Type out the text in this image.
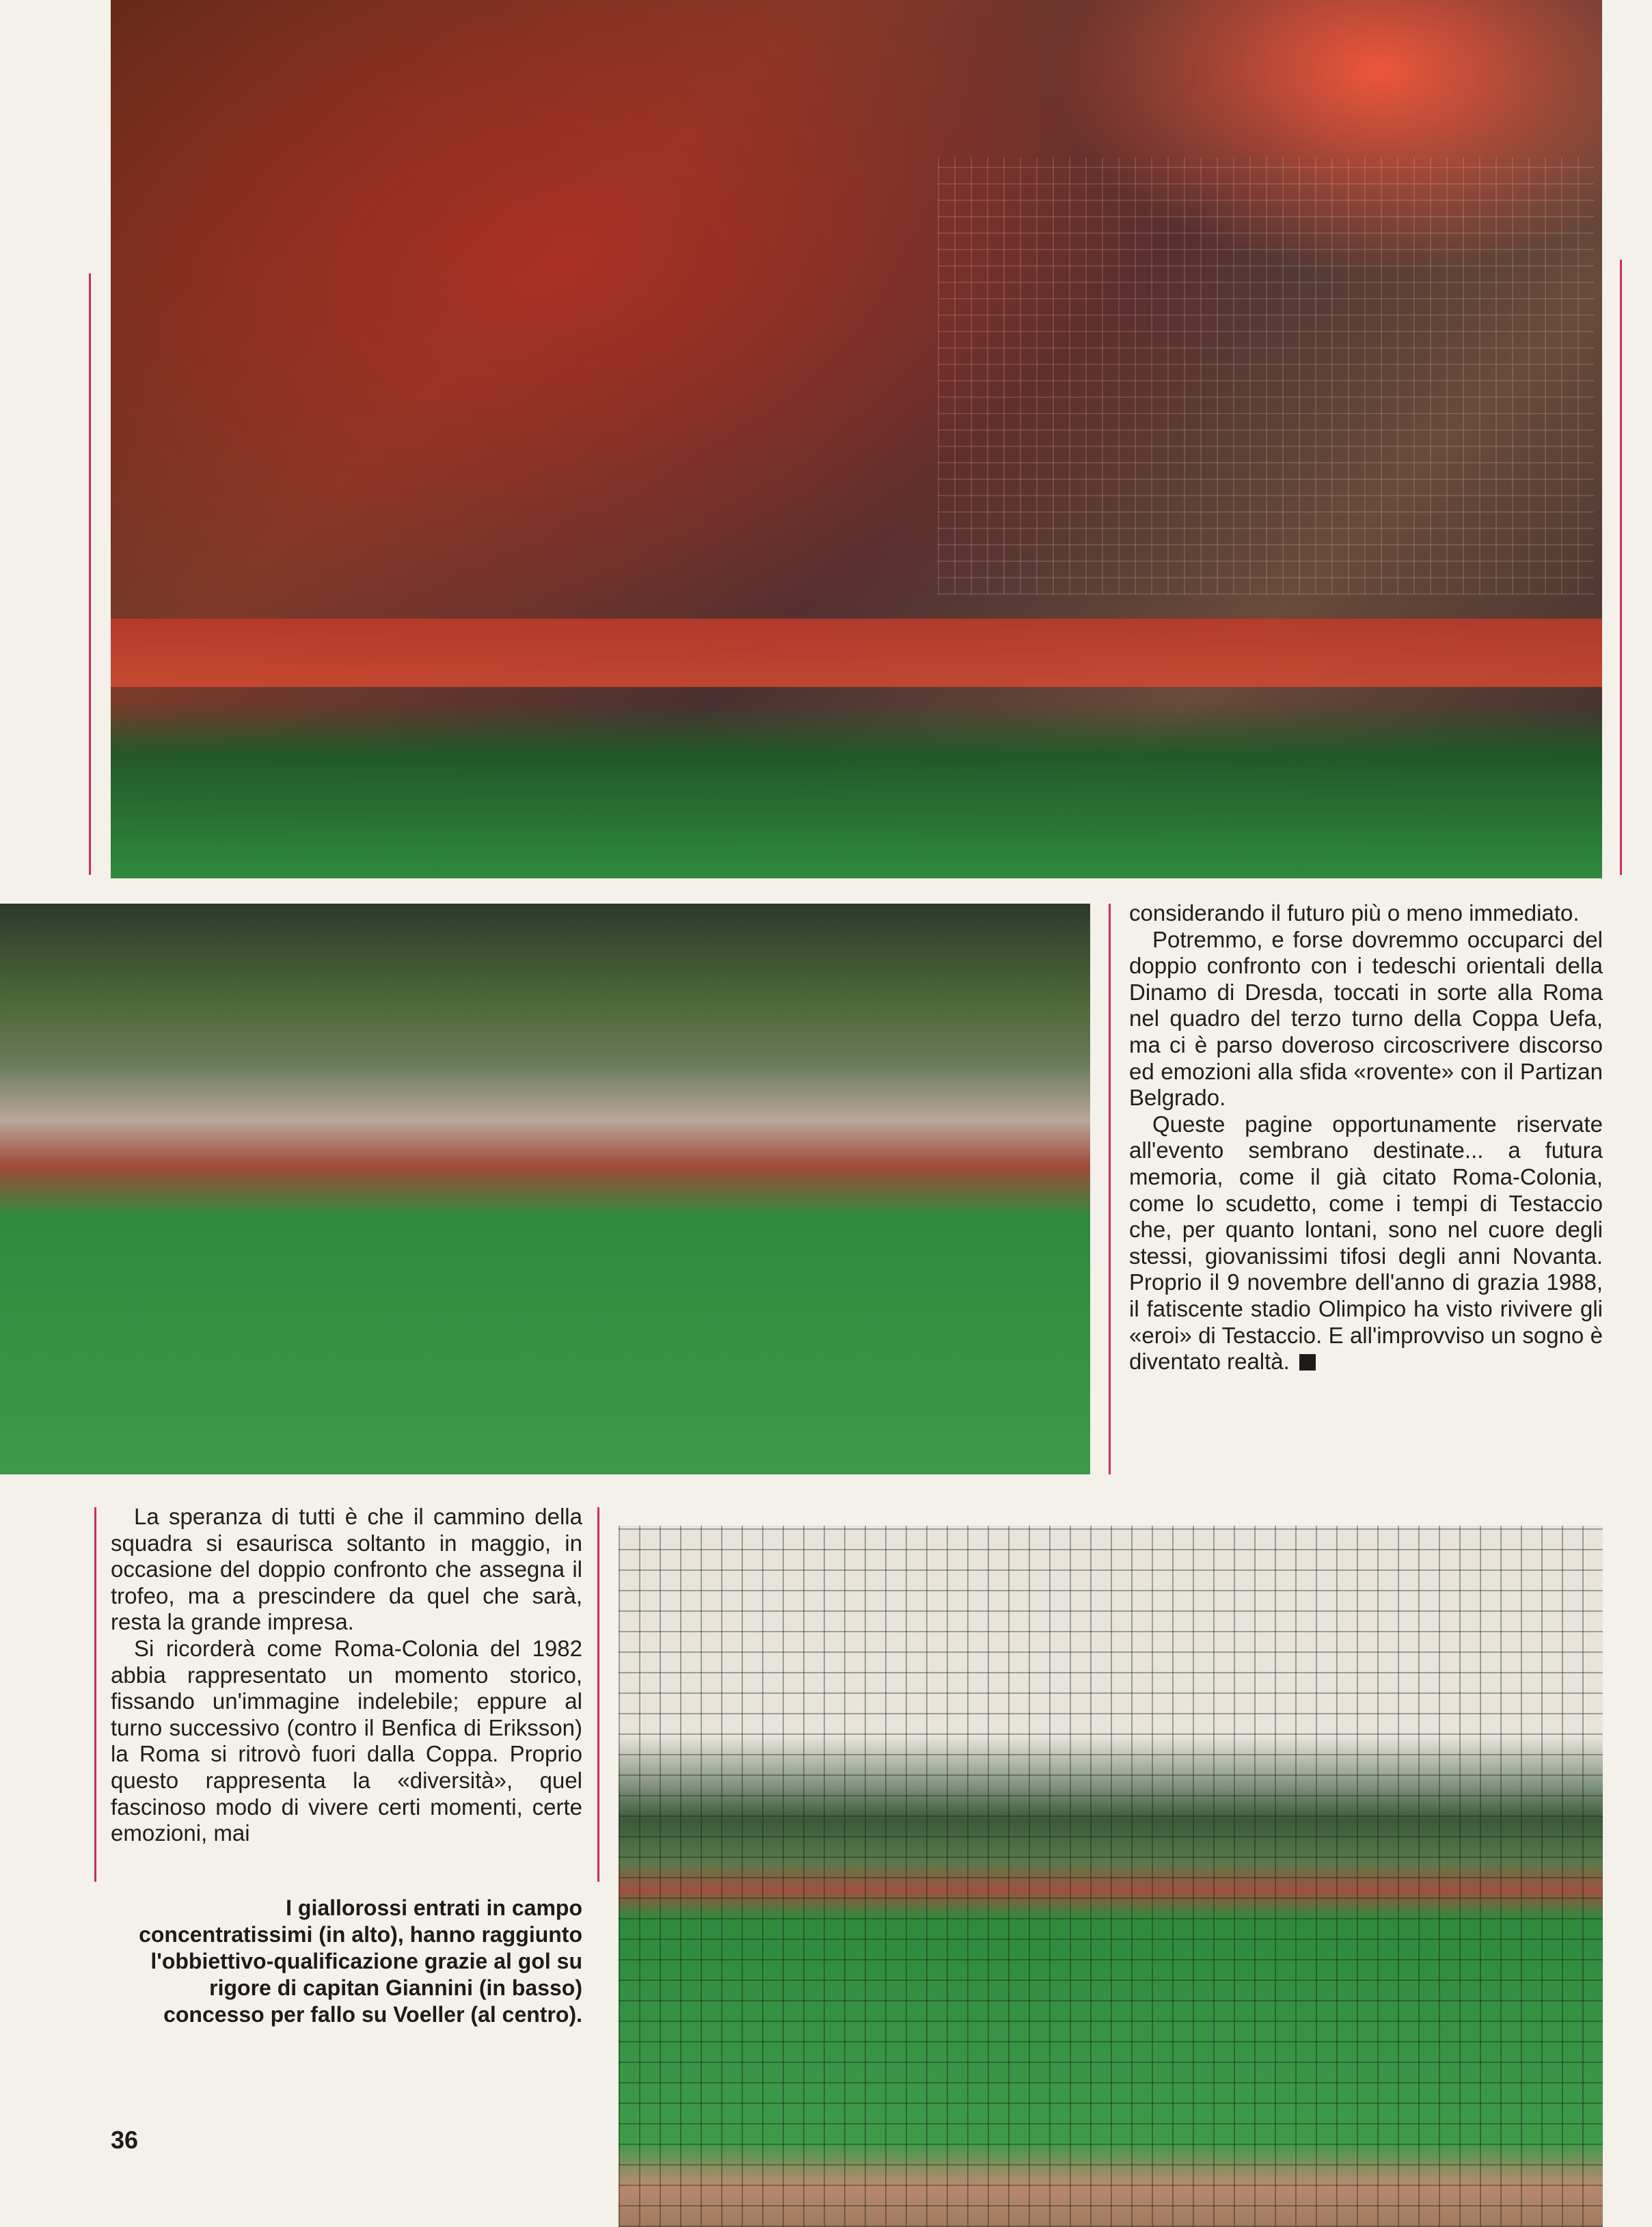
considerando il futuro più o meno immediato.

Potremmo, e forse dovremmo occuparci del doppio confronto con i tedeschi orientali della Dinamo di Dresda, toccati in sorte alla Roma nel quadro del terzo turno della Coppa Uefa, ma ci è parso doveroso circoscrivere discorso ed emozioni alla sfida «rovente» con il Partizan Belgrado.

Queste pagine opportunamente riservate all'evento sembrano destinate... a futura memoria, come il già citato Roma-Colonia, come lo scudetto, come i tempi di Testaccio che, per quanto lontani, sono nel cuore degli stessi, giovanissimi tifosi degli anni Novanta. Proprio il 9 novembre dell'anno di grazia 1988, il fatiscente stadio Olimpico ha visto rivivere gli «eroi» di Testaccio. E all'improvviso un sogno è diventato realtà.

La speranza di tutti è che il cammino della squadra si esaurisca soltanto in maggio, in occasione del doppio confronto che assegna il trofeo, ma a prescindere da quel che sarà, resta la grande impresa.

Si ricorderà come Roma-Colonia del 1982 abbia rappresentato un momento storico, fissando un'immagine indelebile; eppure al turno successivo (contro il Benfica di Eriksson) la Roma si ritrovò fuori dalla Coppa. Proprio questo rappresenta la «diversità», quel fascinoso modo di vivere certi momenti, certe emozioni, mai

I giallorossi entrati in campo concentratissimi (in alto), hanno raggiunto l'obbiettivo-qualificazione grazie al gol su rigore di capitan Giannini (in basso) concesso per fallo su Voeller (al centro).
36
